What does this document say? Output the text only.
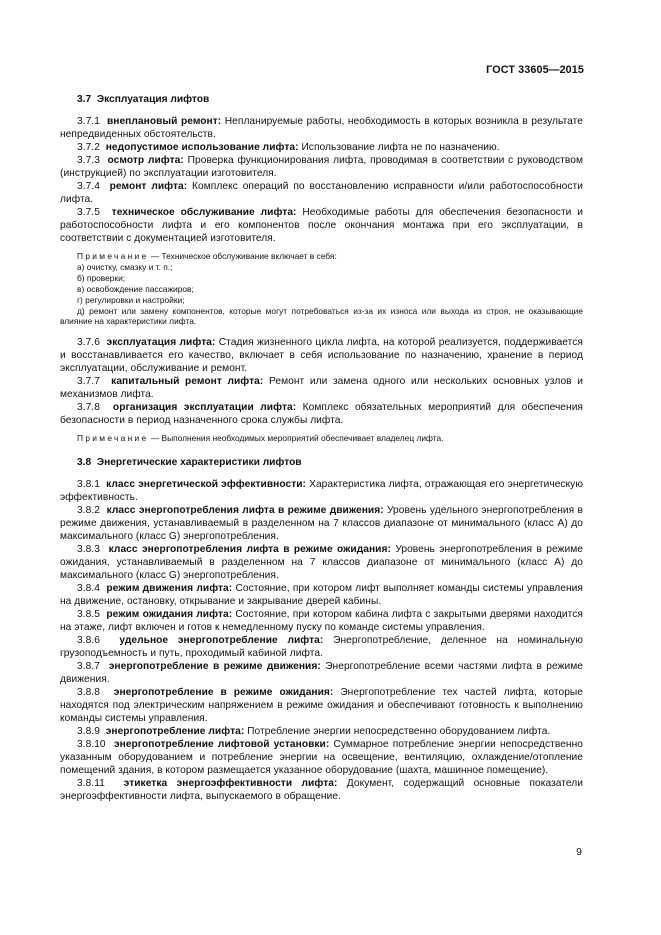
ГОСТ 33605—2015
3.7 Эксплуатация лифтов

3.7.1 внеплановый ремонт: Непланируемые работы, необходимость в которых возникла в результате непредвиденных обстоятельств.

3.7.2 недопустимое использование лифта: Использование лифта не по назначению.

3.7.3 осмотр лифта: Проверка функционирования лифта, проводимая в соответствии с руководством (инструкцией) по эксплуатации изготовителя.

3.7.4 ремонт лифта: Комплекс операций по восстановлению исправности и/или работоспособности лифта.

3.7.5 техническое обслуживание лифта: Необходимые работы для обеспечения безопасности и работоспособности лифта и его компонентов после окончания монтажа при его эксплуатации, в соответствии с документацией изготовителя.

Примечание — Техническое обслуживание включает в себя:
а) очистку, смазку и т. п.;
б) проверки;
в) освобождение пассажиров;
г) регулировки и настройки;
д) ремонт или замену компонентов, которые могут потребоваться из-за их износа или выхода из строя, не оказывающие влияние на характеристики лифта.

3.7.6 эксплуатация лифта: Стадия жизненного цикла лифта, на которой реализуется, поддерживается и восстанавливается его качество, включает в себя использование по назначению, хранение в период эксплуатации, обслуживание и ремонт.

3.7.7 капитальный ремонт лифта: Ремонт или замена одного или нескольких основных узлов и механизмов лифта.

3.7.8 организация эксплуатации лифта: Комплекс обязательных мероприятий для обеспечения безопасности в период назначенного срока службы лифта.

Примечание — Выполнения необходимых мероприятий обеспечивает владелец лифта.
3.8 Энергетические характеристики лифтов

3.8.1 класс энергетической эффективности: Характеристика лифта, отражающая его энергетическую эффективность.

3.8.2 класс энергопотребления лифта в режиме движения: Уровень удельного энергопотребления в режиме движения, устанавливаемый в разделенном на 7 классов диапазоне от минимального (класс А) до максимального (класс G) энергопотребления.

3.8.3 класс энергопотребления лифта в режиме ожидания: Уровень энергопотребления в режиме ожидания, устанавливаемый в разделенном на 7 классов диапазоне от минимального (класс А) до максимального (класс G) энергопотребления.

3.8.4 режим движения лифта: Состояние, при котором лифт выполняет команды системы управления на движение, остановку, открывание и закрывание дверей кабины.

3.8.5 режим ожидания лифта: Состояние, при котором кабина лифта с закрытыми дверями находится на этаже, лифт включен и готов к немедленному пуску по команде системы управления.

3.8.6 удельное энергопотребление лифта: Энергопотребление, деленное на номинальную грузоподъемность и путь, проходимый кабиной лифта.

3.8.7 энергопотребление в режиме движения: Энергопотребление всеми частями лифта в режиме движения.

3.8.8 энергопотребление в режиме ожидания: Энергопотребление тех частей лифта, которые находятся под электрическим напряжением в режиме ожидания и обеспечивают готовность к выполнению команды системы управления.

3.8.9 энергопотребление лифта: Потребление энергии непосредственно оборудованием лифта.

3.8.10 энергопотребление лифтовой установки: Суммарное потребление энергии непосредственно указанным оборудованием и потребление энергии на освещение, вентиляцию, охлаждение/отопление помещений здания, в котором размещается указанное оборудование (шахта, машинное помещение).

3.8.11 этикетка энергоэффективности лифта: Документ, содержащий основные показатели энергоэффективности лифта, выпускаемого в обращение.

9
